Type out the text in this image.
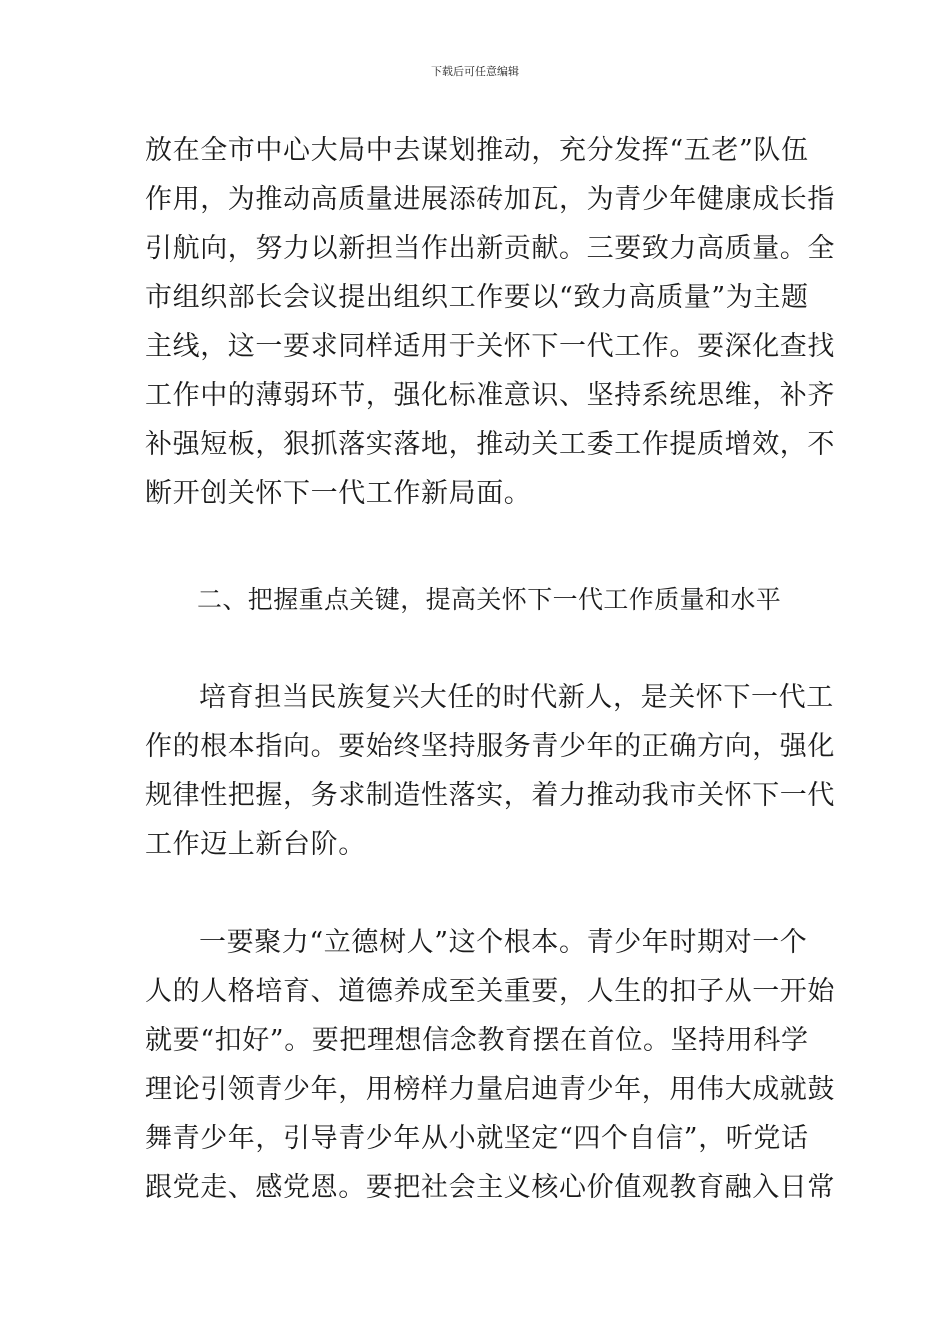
下载后可任意编辑
放在全市中心大局中去谋划推动，充分发挥“五老”队伍
作用，为推动高质量进展添砖加瓦，为青少年健康成长指
引航向，努力以新担当作出新贡献。三要致力高质量。全
市组织部长会议提出组织工作要以“致力高质量”为主题
主线，这一要求同样适用于关怀下一代工作。要深化查找
工作中的薄弱环节，强化标准意识、坚持系统思维，补齐
补强短板，狠抓落实落地，推动关工委工作提质增效，不
断开创关怀下一代工作新局面。
二、把握重点关键，提高关怀下一代工作质量和水平
培育担当民族复兴大任的时代新人，是关怀下一代工
作的根本指向。要始终坚持服务青少年的正确方向，强化
规律性把握，务求制造性落实，着力推动我市关怀下一代
工作迈上新台阶。
一要聚力“立德树人”这个根本。青少年时期对一个
人的人格培育、道德养成至关重要，人生的扣子从一开始
就要“扣好”。要把理想信念教育摆在首位。坚持用科学
理论引领青少年，用榜样力量启迪青少年，用伟大成就鼓
舞青少年，引导青少年从小就坚定“四个自信”，听党话
跟党走、感党恩。要把社会主义核心价值观教育融入日常
